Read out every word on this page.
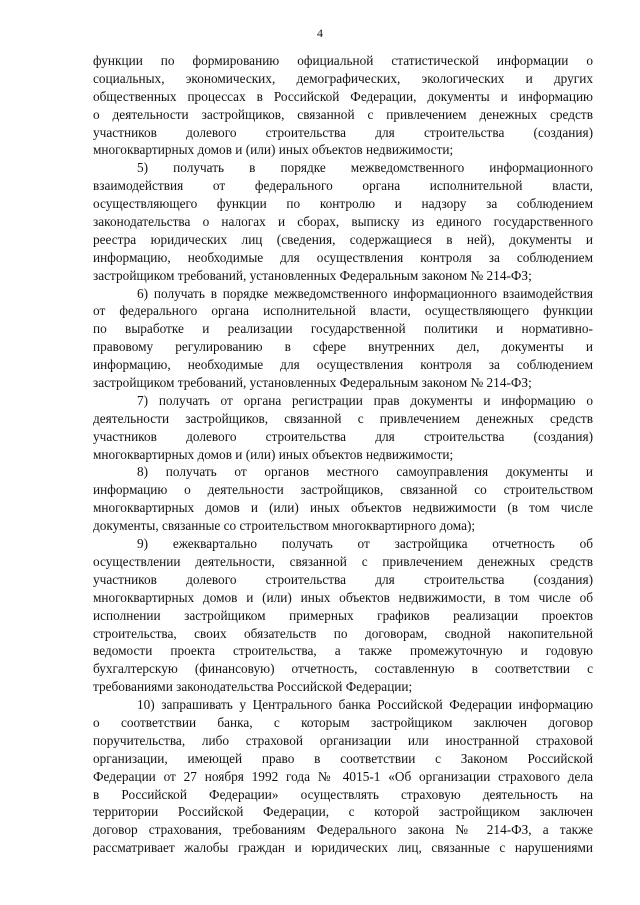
4
функции по формированию официальной статистической информации о
социальных, экономических, демографических, экологических и других
общественных процессах в Российской Федерации, документы и информацию
о деятельности застройщиков, связанной с привлечением денежных средств
участников долевого строительства для строительства (создания)
многоквартирных домов и (или) иных объектов недвижимости;
5) получать в порядке межведомственного информационного
взаимодействия от федерального органа исполнительной власти,
осуществляющего функции по контролю и надзору за соблюдением
законодательства о налогах и сборах, выписку из единого государственного
реестра юридических лиц (сведения, содержащиеся в ней), документы и
информацию, необходимые для осуществления контроля за соблюдением
застройщиком требований, установленных Федеральным законом № 214-ФЗ;
6) получать в порядке межведомственного информационного взаимодействия
от федерального органа исполнительной власти, осуществляющего функции
по выработке и реализации государственной политики и нормативно-
правовому регулированию в сфере внутренних дел, документы и
информацию, необходимые для осуществления контроля за соблюдением
застройщиком требований, установленных Федеральным законом № 214-ФЗ;
7) получать от органа регистрации прав документы и информацию о
деятельности застройщиков, связанной с привлечением денежных средств
участников долевого строительства для строительства (создания)
многоквартирных домов и (или) иных объектов недвижимости;
8) получать от органов местного самоуправления документы и
информацию о деятельности застройщиков, связанной со строительством
многоквартирных домов и (или) иных объектов недвижимости (в том числе
документы, связанные со строительством многоквартирного дома);
9) ежеквартально получать от застройщика отчетность об
осуществлении деятельности, связанной с привлечением денежных средств
участников долевого строительства для строительства (создания)
многоквартирных домов и (или) иных объектов недвижимости, в том числе об
исполнении застройщиком примерных графиков реализации проектов
строительства, своих обязательств по договорам, сводной накопительной
ведомости проекта строительства, а также промежуточную и годовую
бухгалтерскую (финансовую) отчетность, составленную в соответствии с
требованиями законодательства Российской Федерации;
10) запрашивать у Центрального банка Российской Федерации информацию
о соответствии банка, с которым застройщиком заключен договор
поручительства, либо страховой организации или иностранной страховой
организации, имеющей право в соответствии с Законом Российской
Федерации от 27 ноября 1992 года № 4015-1 «Об организации страхового дела
в Российской Федерации» осуществлять страховую деятельность на
территории Российской Федерации, с которой застройщиком заключен
договор страхования, требованиям Федерального закона № 214-ФЗ, а также
рассматривает жалобы граждан и юридических лиц, связанные с нарушениями
